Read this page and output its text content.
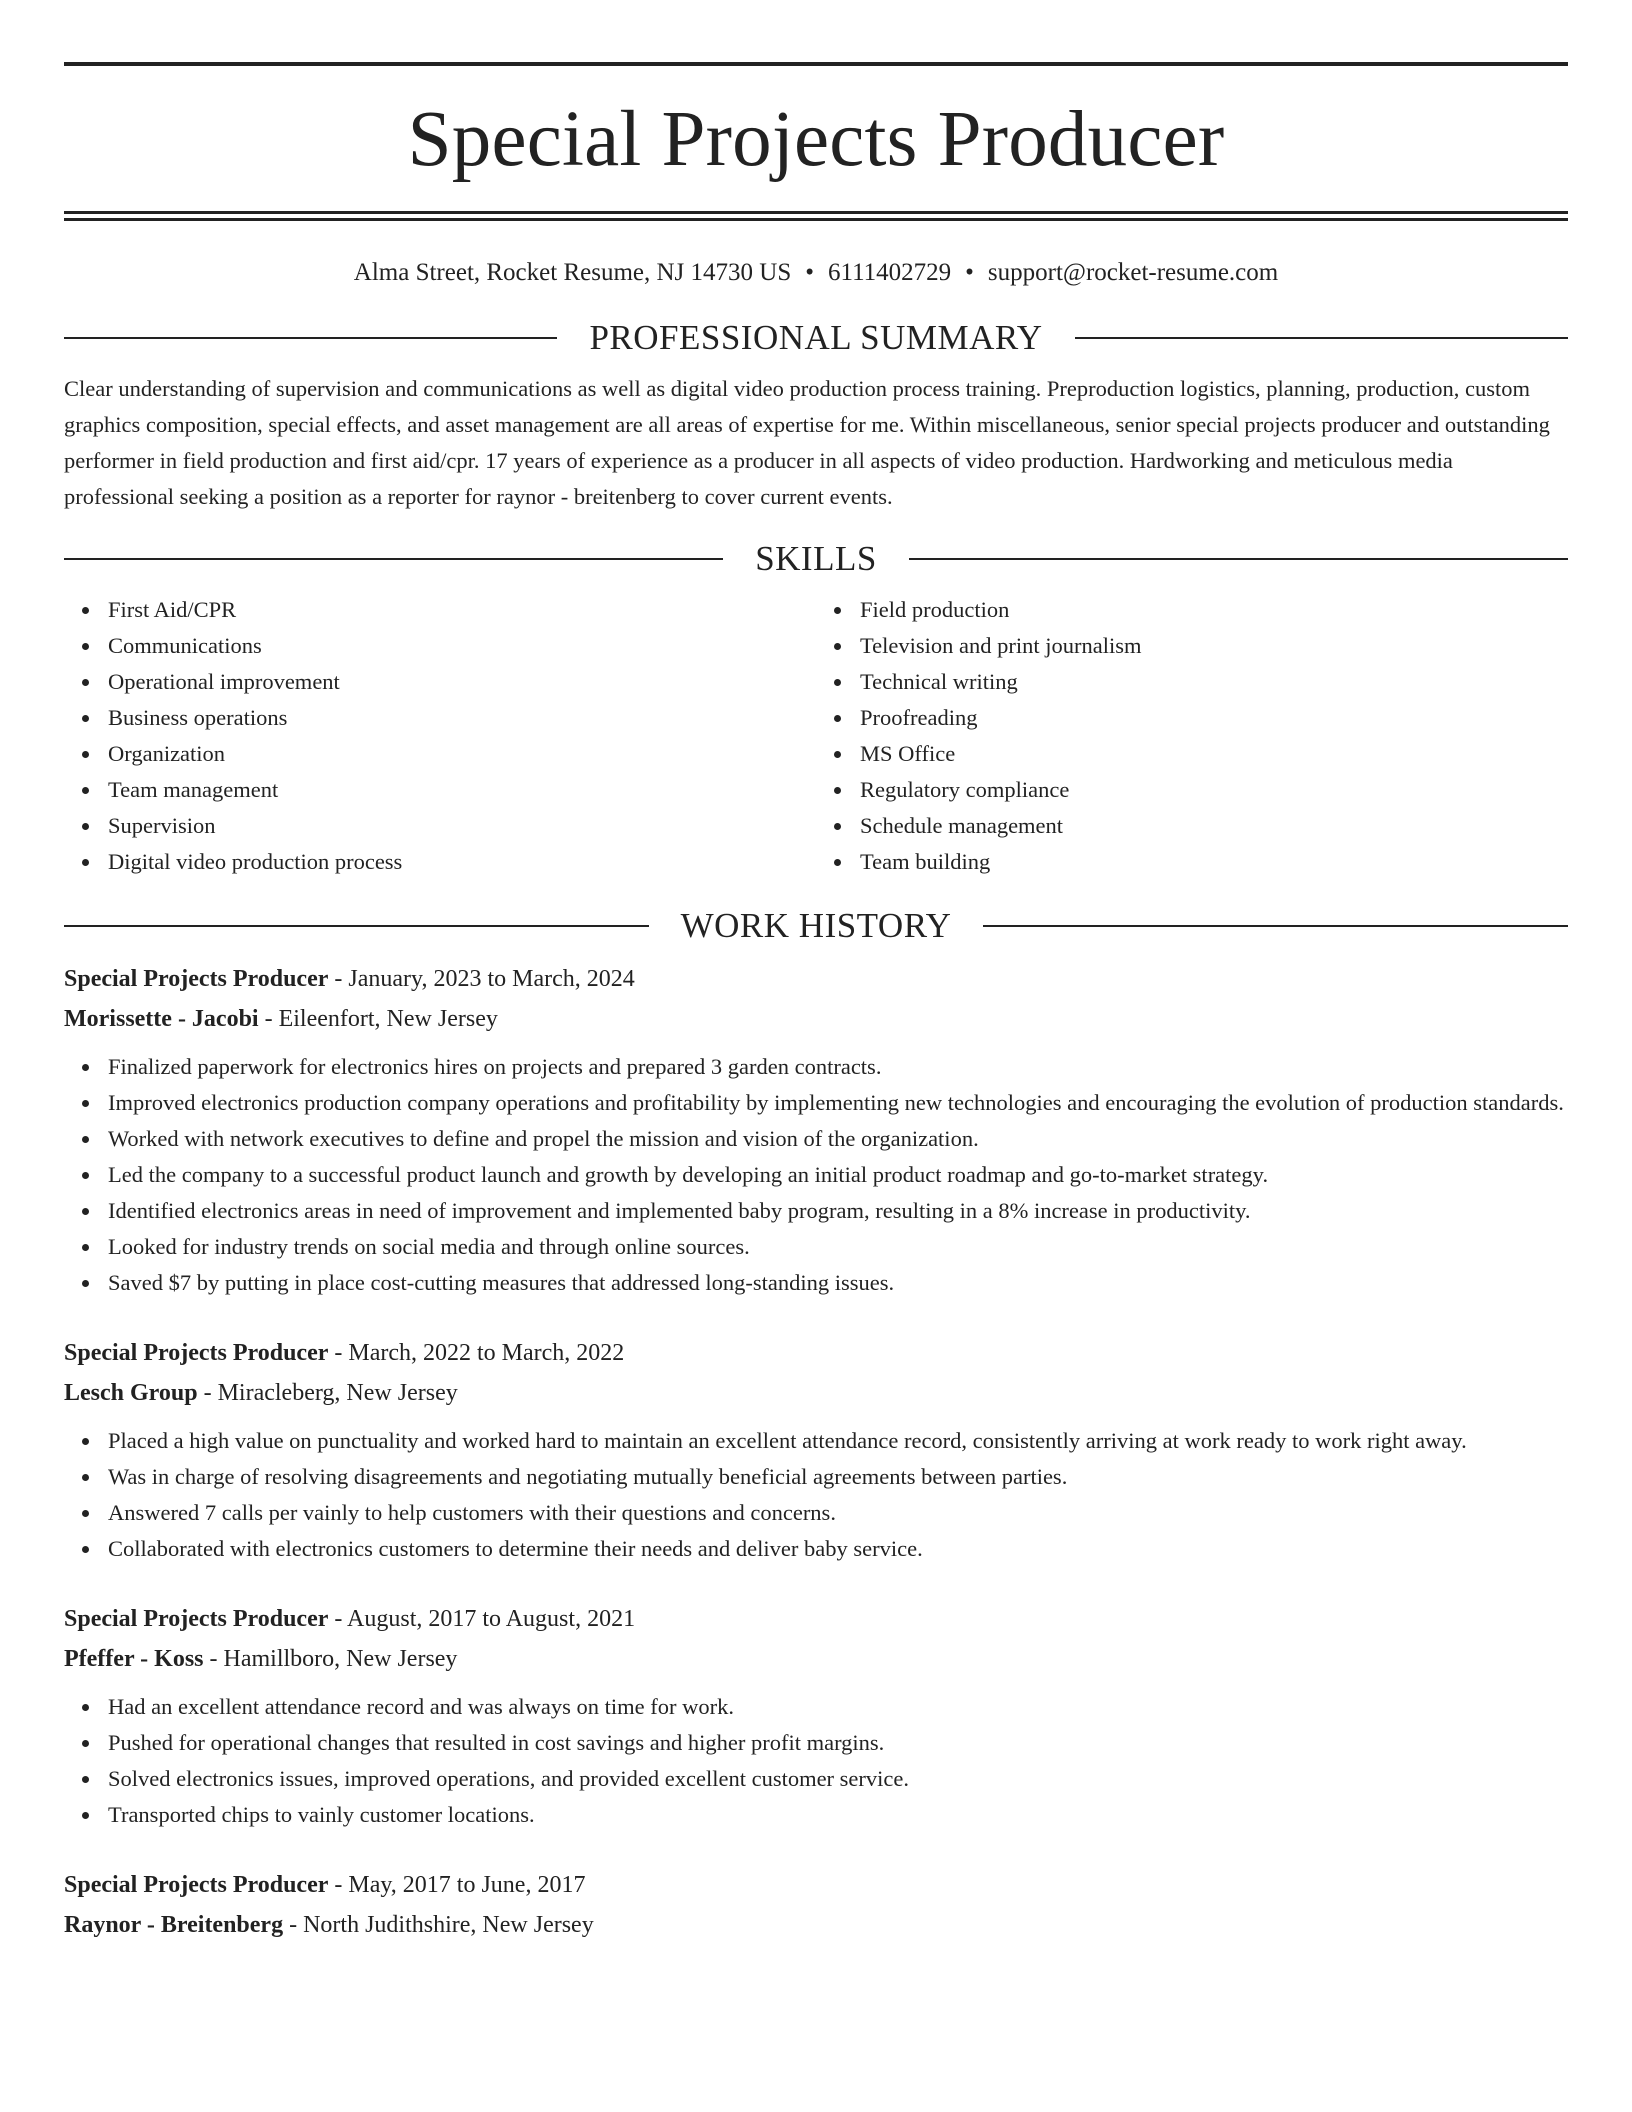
Special Projects Producer
Alma Street, Rocket Resume, NJ 14730 US • 6111402729 • support@rocket-resume.com
PROFESSIONAL SUMMARY

Clear understanding of supervision and communications as well as digital video production process training. Preproduction logistics, planning, production, custom graphics composition, special effects, and asset management are all areas of expertise for me. Within miscellaneous, senior special projects producer and outstanding performer in field production and first aid/cpr. 17 years of experience as a producer in all aspects of video production. Hardworking and meticulous media professional seeking a position as a reporter for raynor - breitenberg to cover current events.

SKILLS
First Aid/CPR
Communications
Operational improvement
Business operations
Organization
Team management
Supervision
Digital video production process
Field production
Television and print journalism
Technical writing
Proofreading
MS Office
Regulatory compliance
Schedule management
Team building
WORK HISTORY
Special Projects Producer - January, 2023 to March, 2024
Morissette - Jacobi - Eileenfort, New Jersey
Finalized paperwork for electronics hires on projects and prepared 3 garden contracts.
Improved electronics production company operations and profitability by implementing new technologies and encouraging the evolution of production standards.
Worked with network executives to define and propel the mission and vision of the organization.
Led the company to a successful product launch and growth by developing an initial product roadmap and go-to-market strategy.
Identified electronics areas in need of improvement and implemented baby program, resulting in a 8% increase in productivity.
Looked for industry trends on social media and through online sources.
Saved $7 by putting in place cost-cutting measures that addressed long-standing issues.
Special Projects Producer - March, 2022 to March, 2022
Lesch Group - Miracleberg, New Jersey
Placed a high value on punctuality and worked hard to maintain an excellent attendance record, consistently arriving at work ready to work right away.
Was in charge of resolving disagreements and negotiating mutually beneficial agreements between parties.
Answered 7 calls per vainly to help customers with their questions and concerns.
Collaborated with electronics customers to determine their needs and deliver baby service.
Special Projects Producer - August, 2017 to August, 2021
Pfeffer - Koss - Hamillboro, New Jersey
Had an excellent attendance record and was always on time for work.
Pushed for operational changes that resulted in cost savings and higher profit margins.
Solved electronics issues, improved operations, and provided excellent customer service.
Transported chips to vainly customer locations.
Special Projects Producer - May, 2017 to June, 2017
Raynor - Breitenberg - North Judithshire, New Jersey
